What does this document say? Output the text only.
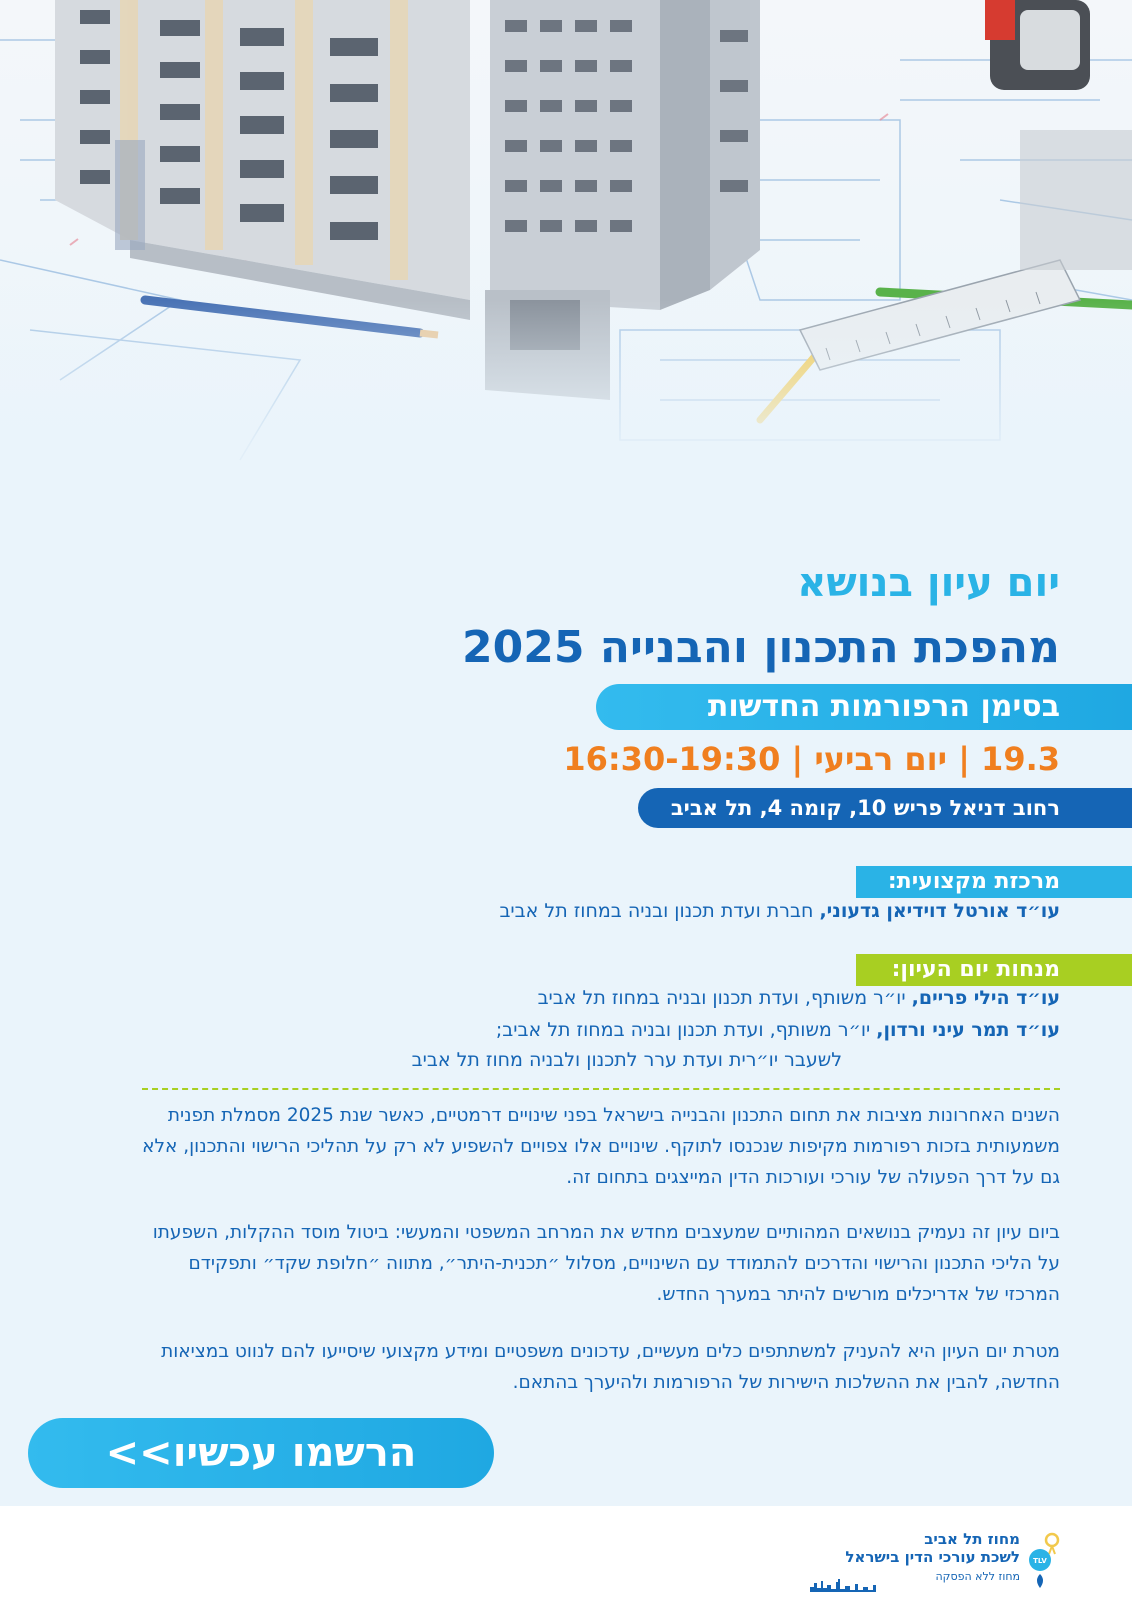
יום עיון בנושא
מהפכת התכנון והבנייה 2025
בסימן הרפורמות החדשות
19.3 | יום רביעי | 16:30-19:30
רחוב דניאל פריש 10, קומה 4, תל אביב
מרכזת מקצועית:
עו״ד אורטל דוידיאן גדעוני, חברת ועדת תכנון ובניה במחוז תל אביב
מנחות יום העיון:
עו״ד הילי פריים, יו״ר משותף, ועדת תכנון ובניה במחוז תל אביב
עו״ד תמר עיני ורדון, יו״ר משותף, ועדת תכנון ובניה במחוז תל אביב;
לשעבר יו״רית ועדת ערר לתכנון ולבניה מחוז תל אביב

השנים האחרונות מציבות את תחום התכנון והבנייה בישראל בפני שינויים דרמטיים, כאשר שנת 2025 מסמלת תפנית משמעותית בזכות רפורמות מקיפות שנכנסו לתוקף. שינויים אלו צפויים להשפיע לא רק על תהליכי הרישוי והתכנון, אלא גם על דרך הפעולה של עורכי ועורכות הדין המייצגים בתחום זה.

ביום עיון זה נעמיק בנושאים המהותיים שמעצבים מחדש את המרחב המשפטי והמעשי: ביטול מוסד ההקלות, השפעתו על הליכי התכנון והרישוי והדרכים להתמודד עם השינויים, מסלול ״תכנית-היתר״, מתווה ״חלופת שקד״ ותפקידם המרכזי של אדריכלים מורשים להיתר במערך החדש.

מטרת יום העיון היא להעניק למשתתפים כלים מעשיים, עדכונים משפטיים ומידע מקצועי שיסייעו להם לנווט במציאות החדשה, להבין את ההשלכות הישירות של הרפורמות ולהיערך בהתאם.

הרשמו עכשיו>>
TLV
מחוז תל אביב
לשכת עורכי הדין בישראל
מחוז ללא הפסקה
